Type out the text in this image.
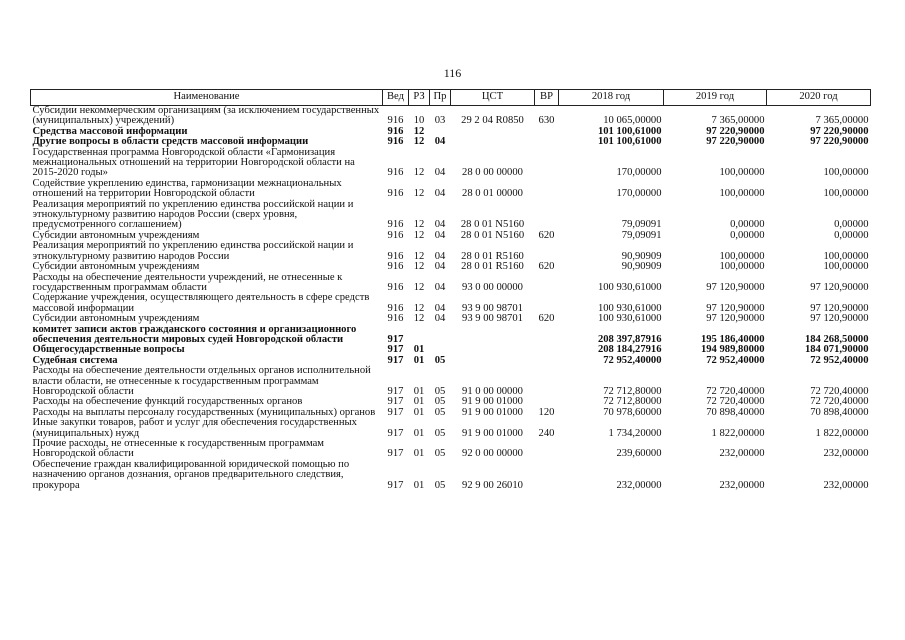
116
Наименование	Вед	РЗ	Пр	ЦСТ	ВР	2018 год	2019 год	2020 год
Субсидии некоммерческим организациям (за исключением государственных (муниципальных) учреждений)	916	10	03	29 2 04 R0850	630	10 065,00000	7 365,00000	7 365,00000
Средства массовой информации	916	12				101 100,61000	97 220,90000	97 220,90000
Другие вопросы в области средств массовой информации	916	12	04			101 100,61000	97 220,90000	97 220,90000
Государственная программа Новгородской области «Гармонизация межнациональных отношений на территории Новгородской области на 2015-2020 годы»	916	12	04	28 0 00 00000		170,00000	100,00000	100,00000
Содействие укреплению единства, гармонизации межнациональных отношений на территории Новгородской области	916	12	04	28 0 01 00000		170,00000	100,00000	100,00000
Реализация мероприятий по укреплению единства российской нации и этнокультурному развитию народов России (сверх уровня, предусмотренного соглашением)	916	12	04	28 0 01 N5160		79,09091	0,00000	0,00000
Субсидии автономным учреждениям	916	12	04	28 0 01 N5160	620	79,09091	0,00000	0,00000
Реализация мероприятий по укреплению единства российской нации и этнокультурному развитию народов России	916	12	04	28 0 01 R5160		90,90909	100,00000	100,00000
Субсидии автономным учреждениям	916	12	04	28 0 01 R5160	620	90,90909	100,00000	100,00000
Расходы на обеспечение деятельности учреждений, не отнесенные к государственным программам области	916	12	04	93 0 00 00000		100 930,61000	97 120,90000	97 120,90000
Содержание учреждения, осуществляющего деятельность в сфере средств массовой информации	916	12	04	93 9 00 98701		100 930,61000	97 120,90000	97 120,90000
Субсидии автономным учреждениям	916	12	04	93 9 00 98701	620	100 930,61000	97 120,90000	97 120,90000
комитет записи актов гражданского состояния и организационного обеспечения деятельности мировых судей Новгородской области	917					208 397,87916	195 186,40000	184 268,50000
Общегосударственные вопросы	917	01				208 184,27916	194 989,80000	184 071,90000
Судебная система	917	01	05			72 952,40000	72 952,40000	72 952,40000
Расходы на обеспечение деятельности отдельных органов исполнительной власти области, не отнесенные к государственным программам Новгородской области	917	01	05	91 0 00 00000		72 712,80000	72 720,40000	72 720,40000
Расходы на обеспечение функций государственных органов	917	01	05	91 9 00 01000		72 712,80000	72 720,40000	72 720,40000
Расходы на выплаты персоналу государственных (муниципальных) органов	917	01	05	91 9 00 01000	120	70 978,60000	70 898,40000	70 898,40000
Иные закупки товаров, работ и услуг для обеспечения государственных (муниципальных) нужд	917	01	05	91 9 00 01000	240	1 734,20000	1 822,00000	1 822,00000
Прочие расходы, не отнесенные к государственным программам Новгородской области	917	01	05	92 0 00 00000		239,60000	232,00000	232,00000
Обеспечение граждан квалифицированной юридической помощью по назначению органов дознания, органов предварительного следствия, прокурора	917	01	05	92 9 00 26010		232,00000	232,00000	232,00000
